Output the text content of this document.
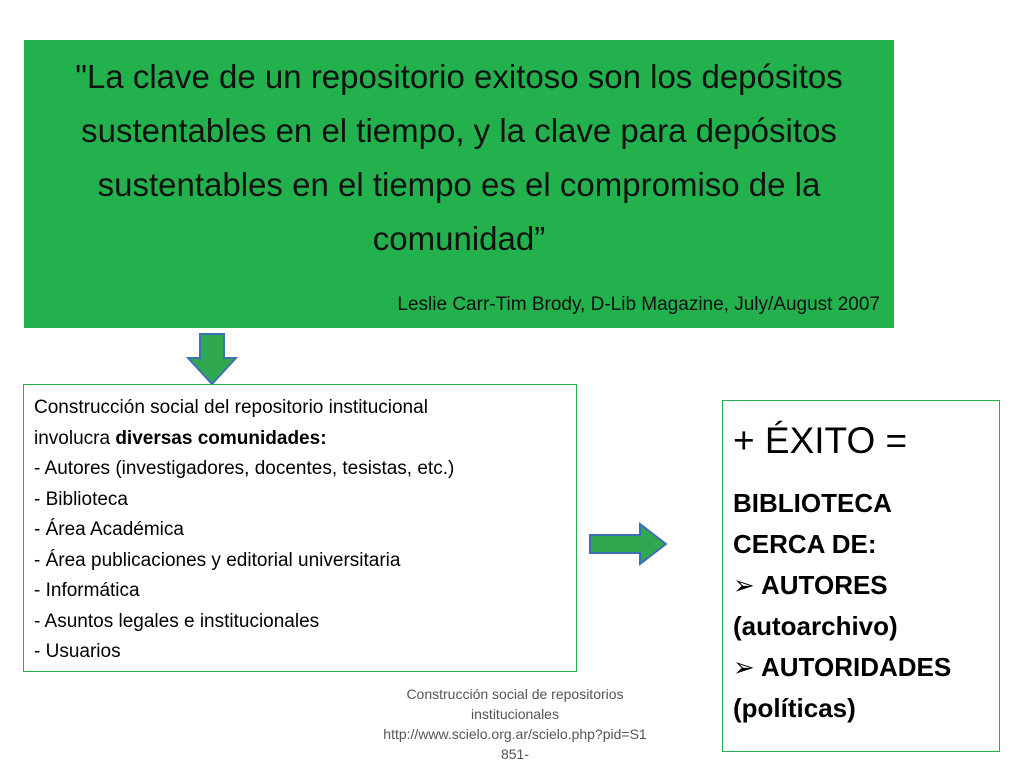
"La clave de un repositorio exitoso son los depósitos sustentables en el tiempo, y la clave para depósitos sustentables en el tiempo es el compromiso de la comunidad”
Leslie Carr-Tim Brody, D-Lib Magazine, July/August 2007

Construcción social del repositorio institucional

involucra diversas comunidades:

- Autores (investigadores, docentes, tesistas, etc.)

- Biblioteca

- Área Académica

- Área publicaciones y editorial universitaria

- Informática

- Asuntos legales e institucionales

- Usuarios

+ ÉXITO =

BIBLIOTECA

CERCA DE:

➢ AUTORES

(autoarchivo)

➢ AUTORIDADES

(políticas)

Construcción social de repositorios
institucionales
http://www.scielo.org.ar/scielo.php?pid=S1
851-
